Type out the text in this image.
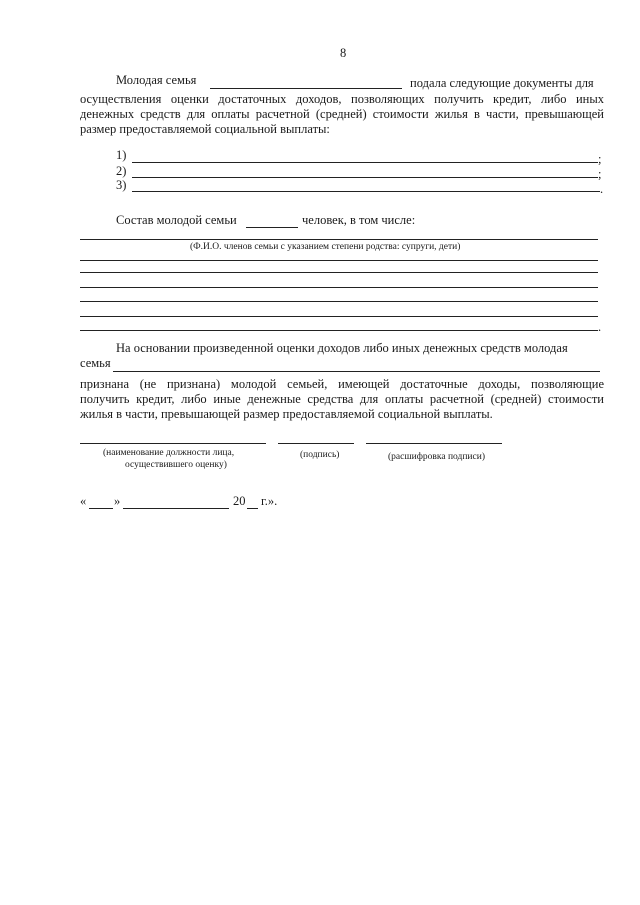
8
Молодая семья	подала следующие документы для
осуществления оценки достаточных доходов, позволяющих получить кредит, либо иных
денежных средств для оплаты расчетной (средней) стоимости жилья в части, превышающей
размер предоставляемой социальной выплаты:
1)	;
2)	;
3)	.
Состав молодой семьи	человек, в том числе:
(Ф.И.О. членов семьи с указанием степени родства: супруги, дети)
.
На основании произведенной оценки доходов либо иных денежных средств молодая
семья
признана (не признана) молодой семьей, имеющей достаточные доходы, позволяющие
получить кредит, либо иные денежные средства для оплаты расчетной (средней) стоимости
жилья в части, превышающей размер предоставляемой социальной выплаты.
(наименование должности лица,
осуществившего оценку)
(подпись)	(расшифровка подписи)
« »	20 г.».
